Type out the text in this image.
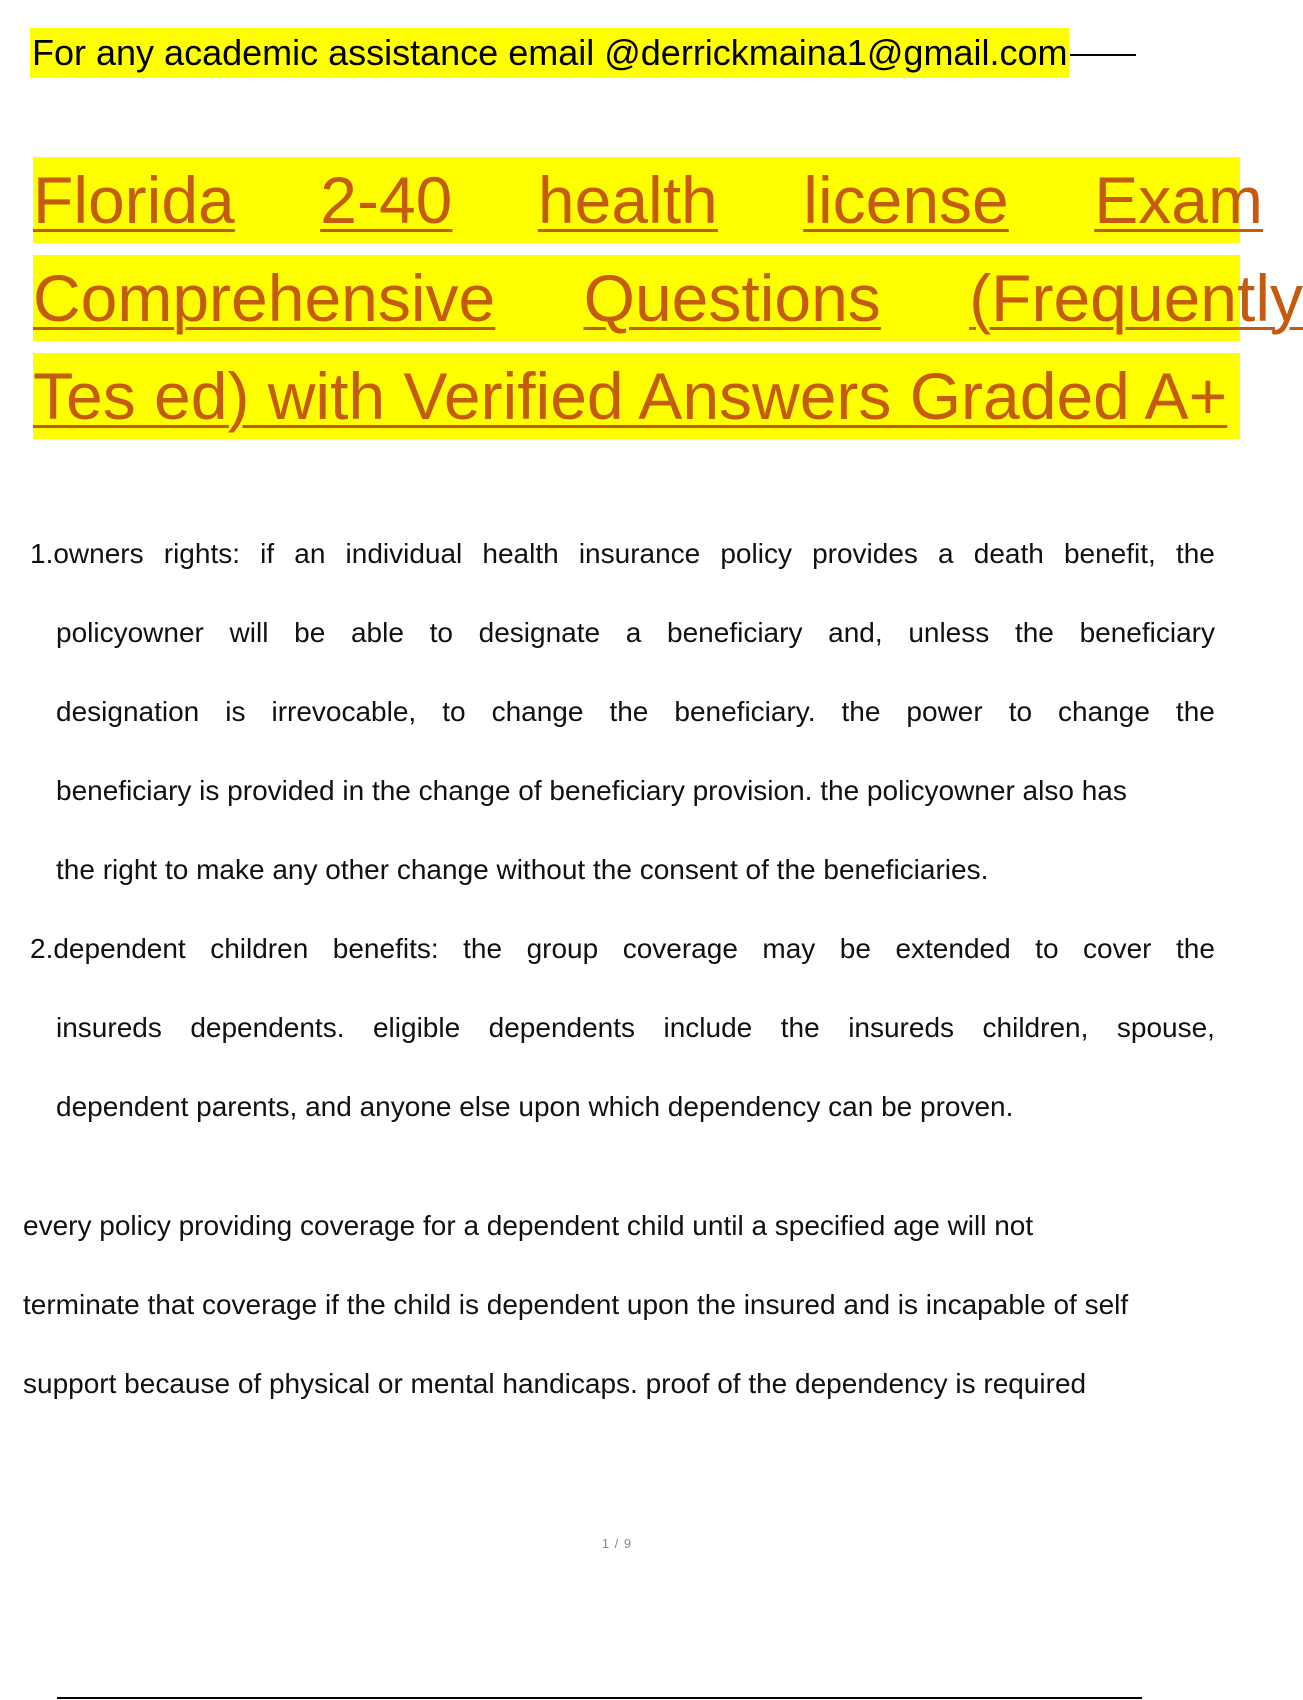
For any academic assistance email @derrickmaina1@gmail.com
Florida 2-40 health license Exam
Comprehensive Questions (Frequently
Tes ed) with Verified Answers Graded A+
1.owners rights: if an individual health insurance policy provides a death benefit, the
policyowner will be able to designate a beneficiary and, unless the beneficiary
designation is irrevocable, to change the beneficiary. the power to change the
beneficiary is provided in the change of beneficiary provision. the policyowner also has
the right to make any other change without the consent of the beneficiaries.
2.dependent children benefits: the group coverage may be extended to cover the
insureds dependents. eligible dependents include the insureds children, spouse,
dependent parents, and anyone else upon which dependency can be proven.
every policy providing coverage for a dependent child until a specified age will not
terminate that coverage if the child is dependent upon the insured and is incapable of self
support because of physical or mental handicaps. proof of the dependency is required
1 / 9
